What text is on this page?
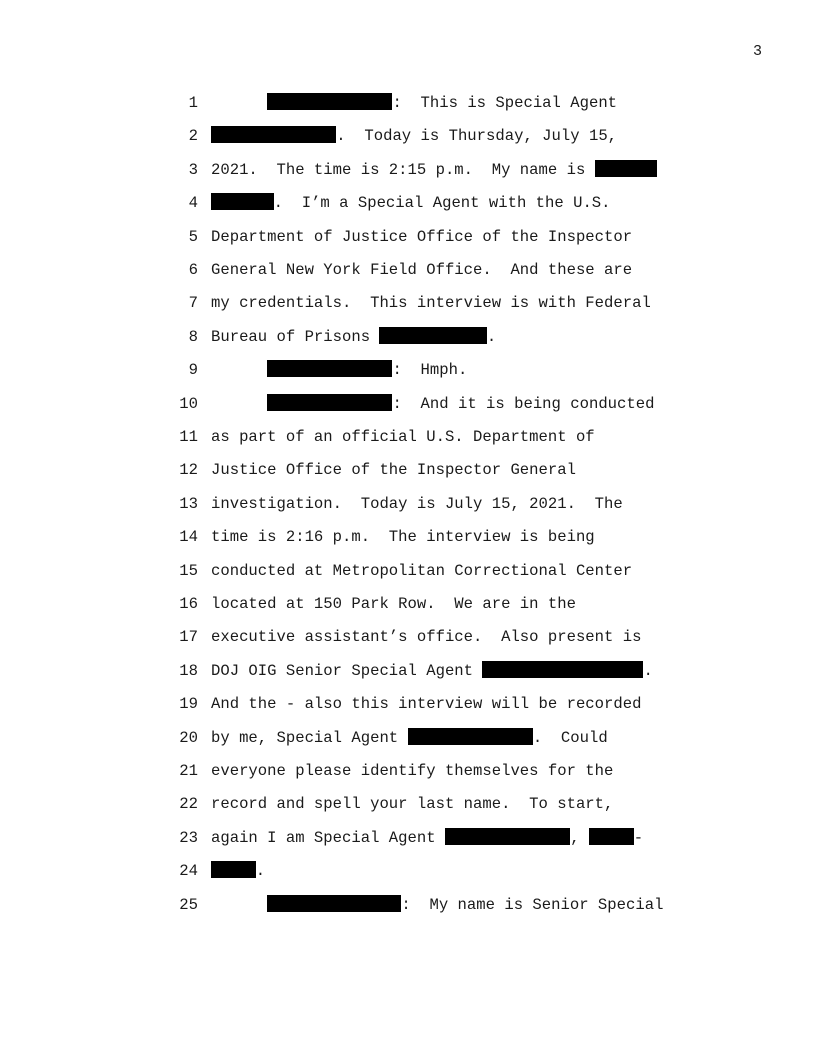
3
1	:  This is Special Agent
2	.  Today is Thursday, July 15,
3 2021.  The time is 2:15 p.m.  My name is
4	.  I’m a Special Agent with the U.S.
5 Department of Justice Office of the Inspector
6 General New York Field Office.  And these are
7 my credentials.  This interview is with Federal
8 Bureau of Prisons	.
9	:  Hmph.
10	:  And it is being conducted
11 as part of an official U.S. Department of
12 Justice Office of the Inspector General
13 investigation.  Today is July 15, 2021.  The
14 time is 2:16 p.m.  The interview is being
15 conducted at Metropolitan Correctional Center
16 located at 150 Park Row.  We are in the
17 executive assistant’s office.  Also present is
18 DOJ OIG Senior Special Agent	.
19 And the - also this interview will be recorded
20 by me, Special Agent	.  Could
21 everyone please identify themselves for the
22 record and spell your last name.  To start,
23 again I am Special Agent	,	-
24	.
25	:  My name is Senior Special
